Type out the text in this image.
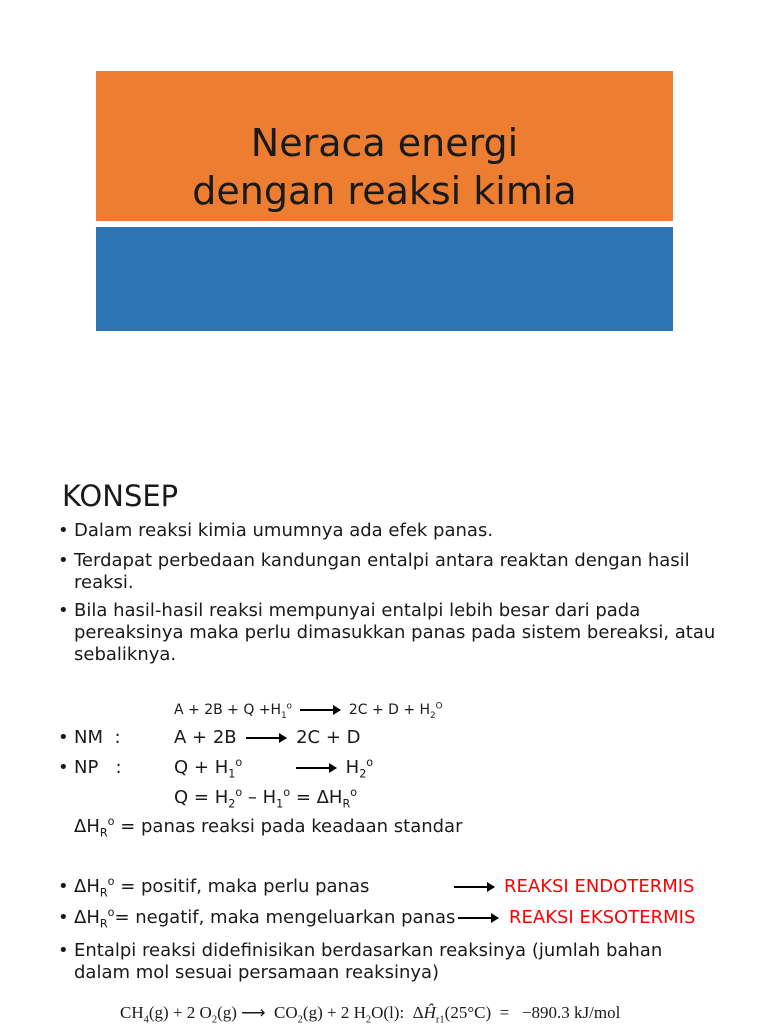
Neraca energi
dengan reaksi kimia
KONSEP
• Dalam reaksi kimia umumnya ada efek panas.
• Terdapat perbedaan kandungan entalpi antara reaktan dengan hasil
reaksi.
• Bila hasil-hasil reaksi mempunyai entalpi lebih besar dari pada
pereaksinya maka perlu dimasukkan panas pada sistem bereaksi, atau
sebaliknya.
$A + 2B + Q +H_1^o$	$2C + D + H_2^O$
• NM  :	A + 2B	2C + D
• NP   :	$Q + H_1^o$	$H_2^o$
$Q = H_2^o - H_1^o = \Delta H_R^o$
$\Delta H_R^o$ = panas reaksi pada keadaan standar
• $\Delta H_R^o$ = positif, maka perlu panas	REAKSI ENDOTERMIS
• $\Delta H_R^o=$ negatif, maka mengeluarkan panas	REAKSI EKSOTERMIS
• Entalpi reaksi didefinisikan berdasarkan reaksinya (jumlah bahan
dalam mol sesuai persamaan reaksinya)
$CH_4(g) + 2$ $O_2(g)$ ⟶  $CO_2(g) + 2$ $H_2O(l)$:  $\Delta Ĥ_{r1}(25^\circ C) = -890.3$ kJ/mol
